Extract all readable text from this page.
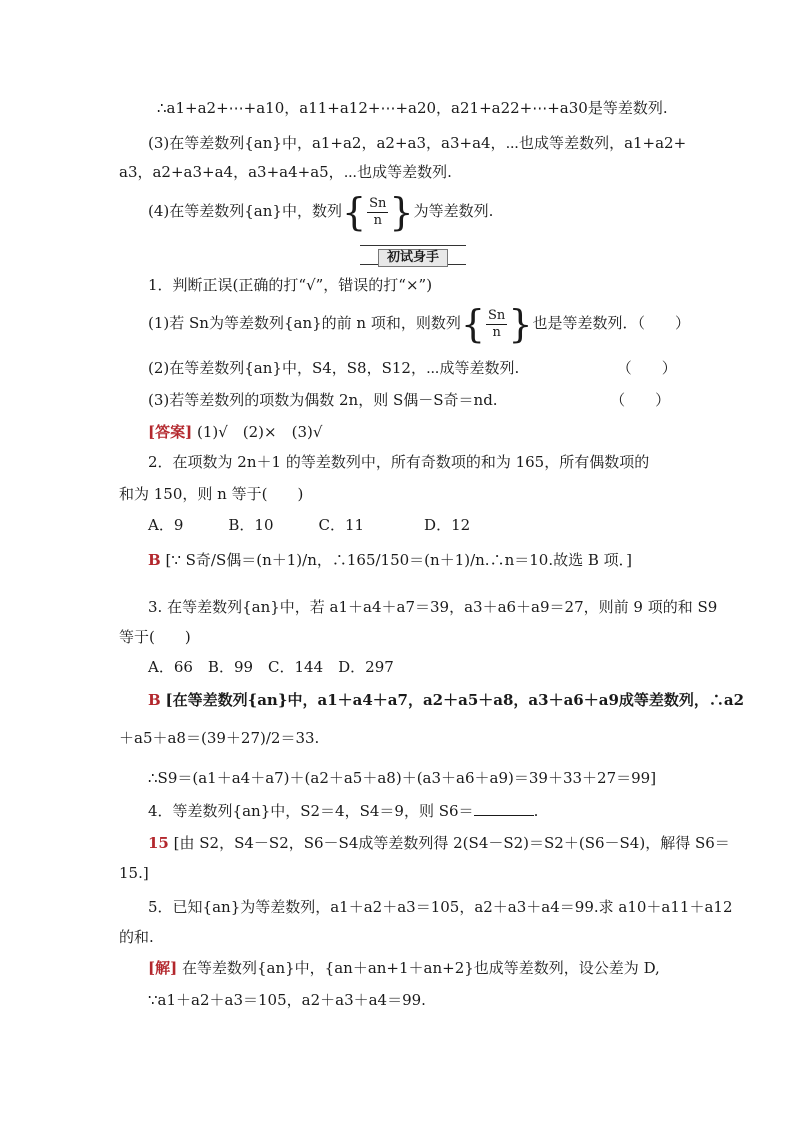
∴a1+a2+⋯+a10，a11+a12+⋯+a20，a21+a22+⋯+a30是等差数列.
(3)在等差数列{an}中，a1+a2，a2+a3，a3+a4，⋯也成等差数列，a1+a2+
a3，a2+a3+a4，a3+a4+a5，⋯也成等差数列.
(4)在等差数列{an}中，数列{ $\frac{Sn}{n}$ }为等差数列.
初试身手
1．判断正误(正确的打“√”，错误的打“×”)
(1)若 Sn为等差数列{an}的前 n 项和，则数列{ $\frac{Sn}{n}$ }也是等差数列．（　　）
(2)在等差数列{an}中，S4，S8，S12，⋯成等差数列.　　　　　　　（　　）
(3)若等差数列的项数为偶数 2n，则 S偶－S奇＝nd.　　　　　　　　（　　）
[答案] (1)√　(2)×　(3)√
2．在项数为 2n＋1 的等差数列中，所有奇数项的和为 165，所有偶数项的
和为 150，则 n 等于(　　)
A．9　　　B．10　　　C．11　　　　D．12
B [∵ S奇/S偶＝(n＋1)/n，∴165/150＝(n＋1)/n.∴n＝10.故选 B 项．]
3. 在等差数列{an}中，若 a1＋a4＋a7＝39，a3＋a6＋a9＝27，则前 9 项的和 S9
等于(　　)
A．66　B．99　C．144　D．297
B [在等差数列{an}中，a1＋a4＋a7，a2＋a5＋a8，a3＋a6＋a9成等差数列，∴a2
＋a5＋a8＝(39＋27)/2＝33.
∴S9＝(a1＋a4＋a7)＋(a2＋a5＋a8)＋(a3＋a6＋a9)＝39＋33＋27＝99]
4．等差数列{an}中，S2＝4，S4＝9，则 S6＝	.
15 [由 S2，S4－S2，S6－S4成等差数列得 2(S4－S2)＝S2＋(S6－S4)，解得 S6＝
15.]
5．已知{an}为等差数列，a1＋a2＋a3＝105，a2＋a3＋a4＝99.求 a10＋a11＋a12
的和.
[解] 在等差数列{an}中，{an＋an+1＋an+2}也成等差数列，设公差为 D,
∵a1＋a2＋a3＝105，a2＋a3＋a4＝99.
